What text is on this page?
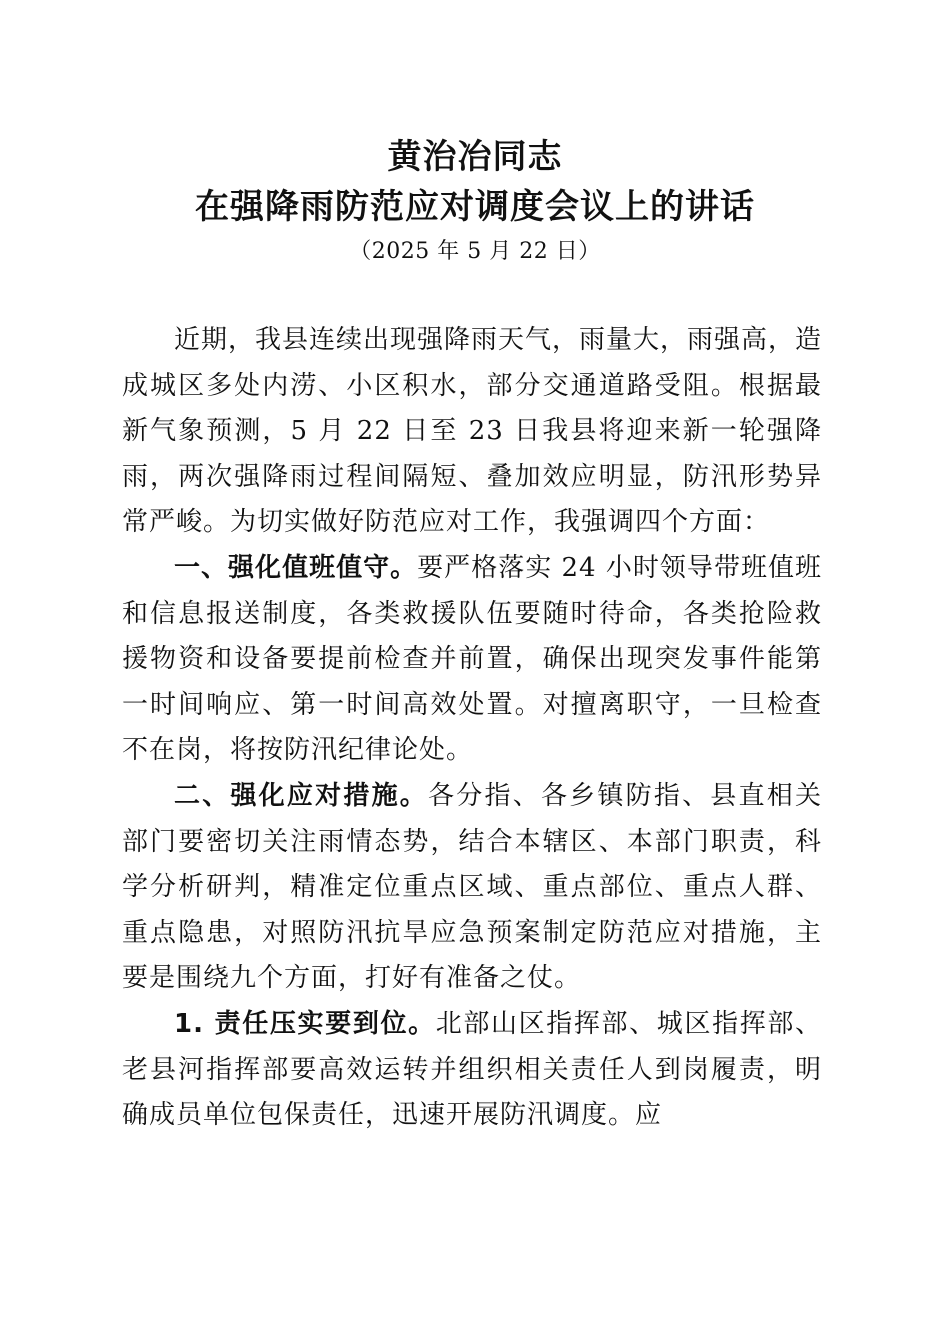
黄治冶同志

在强降雨防范应对调度会议上的讲话

（2025 年 5 月 22 日）

近期，我县连续出现强降雨天气，雨量大，雨强高，造成城区多处内涝、小区积水，部分交通道路受阻。根据最新气象预测，5 月 22 日至 23 日我县将迎来新一轮强降雨，两次强降雨过程间隔短、叠加效应明显，防汛形势异常严峻。为切实做好防范应对工作，我强调四个方面：

一、强化值班值守。要严格落实 24 小时领导带班值班和信息报送制度，各类救援队伍要随时待命，各类抢险救援物资和设备要提前检查并前置，确保出现突发事件能第一时间响应、第一时间高效处置。对擅离职守，一旦检查不在岗，将按防汛纪律论处。

二、强化应对措施。各分指、各乡镇防指、县直相关部门要密切关注雨情态势，结合本辖区、本部门职责，科学分析研判，精准定位重点区域、重点部位、重点人群、重点隐患，对照防汛抗旱应急预案制定防范应对措施，主要是围绕九个方面，打好有准备之仗。

1. 责任压实要到位。北部山区指挥部、城区指挥部、老县河指挥部要高效运转并组织相关责任人到岗履责，明确成员单位包保责任，迅速开展防汛调度。应
